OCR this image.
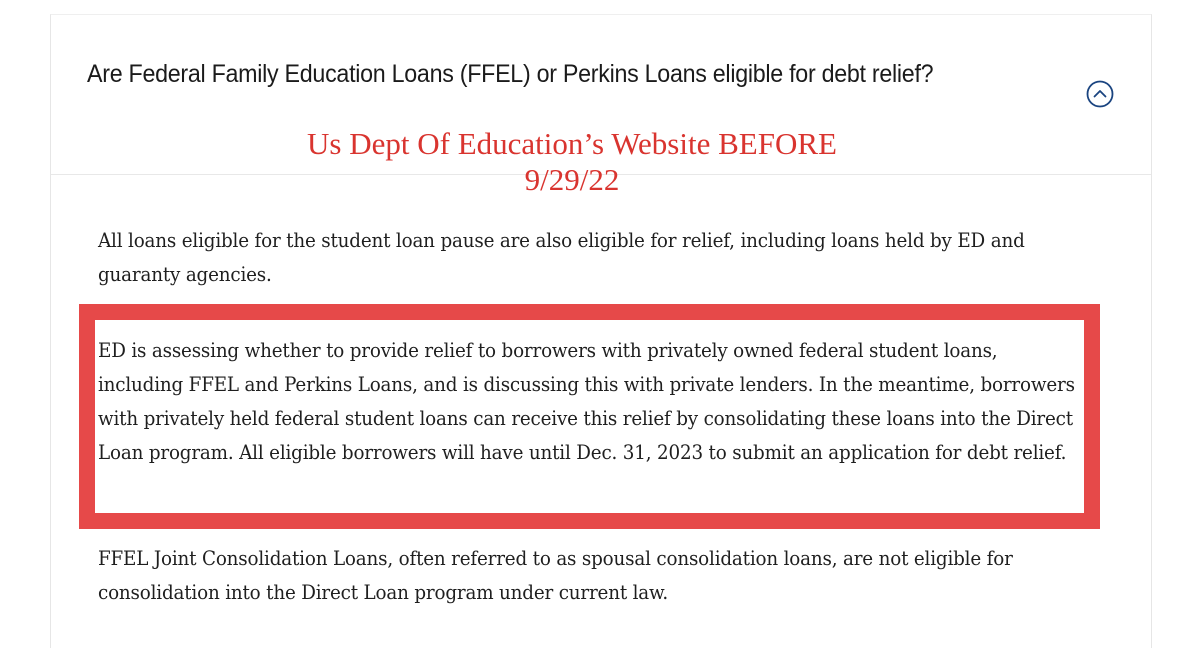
Are Federal Family Education Loans (FFEL) or Perkins Loans eligible for debt relief?
Us Dept Of Education’s Website BEFORE
9/29/22

All loans eligible for the student loan pause are also eligible for relief, including loans held by ED and guaranty agencies.

ED is assessing whether to provide relief to borrowers with privately owned federal student loans, including FFEL and Perkins Loans, and is discussing this with private lenders. In the meantime, borrowers with privately held federal student loans can receive this relief by consolidating these loans into the Direct Loan program. All eligible borrowers will have until Dec. 31, 2023 to submit an application for debt relief.

FFEL Joint Consolidation Loans, often referred to as spousal consolidation loans, are not eligible for consolidation into the Direct Loan program under current law.
